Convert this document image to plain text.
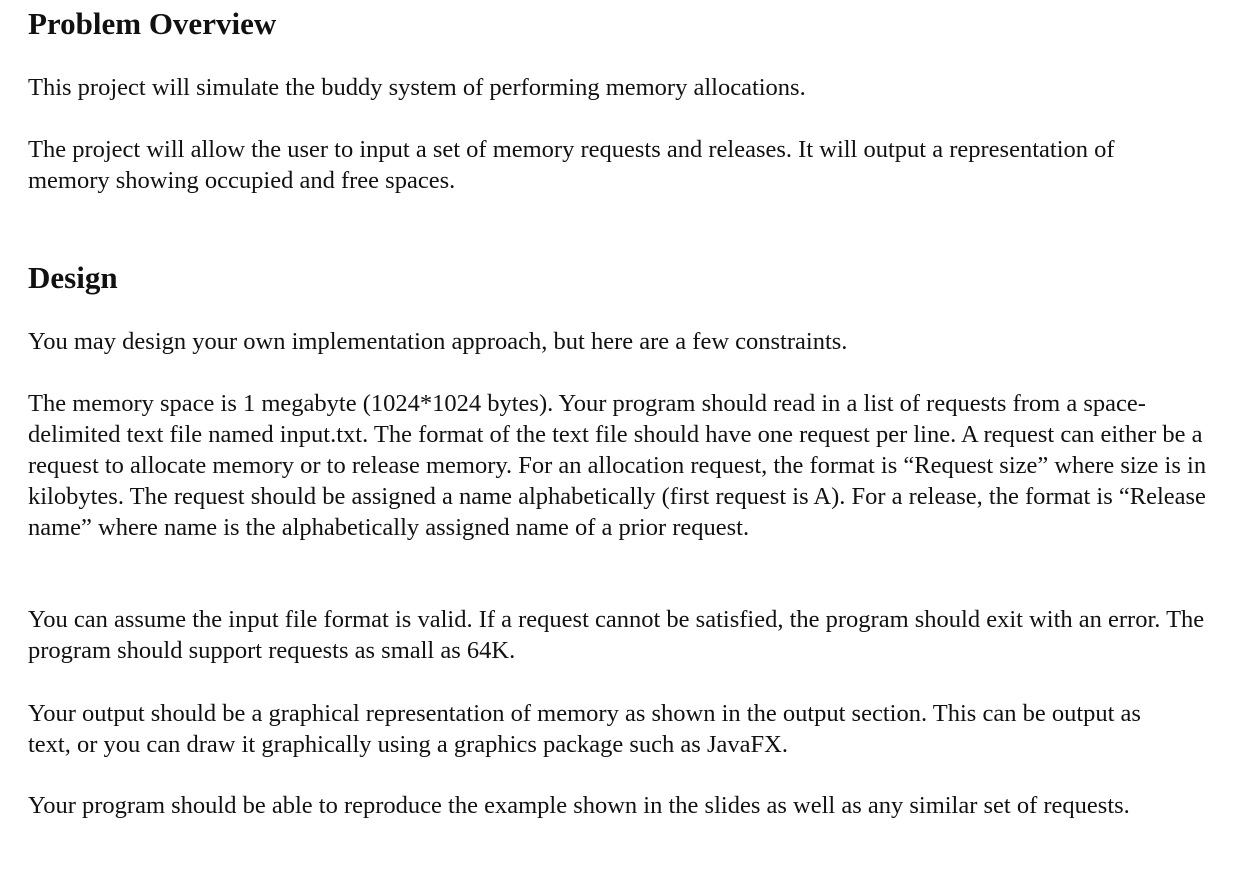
Problem Overview

This project will simulate the buddy system of performing memory allocations.

The project will allow the user to input a set of memory requests and releases. It will output a representation of memory showing occupied and free spaces.

Design

You may design your own implementation approach, but here are a few constraints.

The memory space is 1 megabyte (1024*1024 bytes). Your program should read in a list of requests from a space-delimited text file named input.txt. The format of the text file should have one request per line. A request can either be a request to allocate memory or to release memory. For an allocation request, the format is “Request size” where size is in kilobytes. The request should be assigned a name alphabetically (first request is A). For a release, the format is “Release name” where name is the alphabetically assigned name of a prior request.

You can assume the input file format is valid. If a request cannot be satisfied, the program should exit with an error. The program should support requests as small as 64K.

Your output should be a graphical representation of memory as shown in the output section. This can be output as text, or you can draw it graphically using a graphics package such as JavaFX.

Your program should be able to reproduce the example shown in the slides as well as any similar set of requests.
